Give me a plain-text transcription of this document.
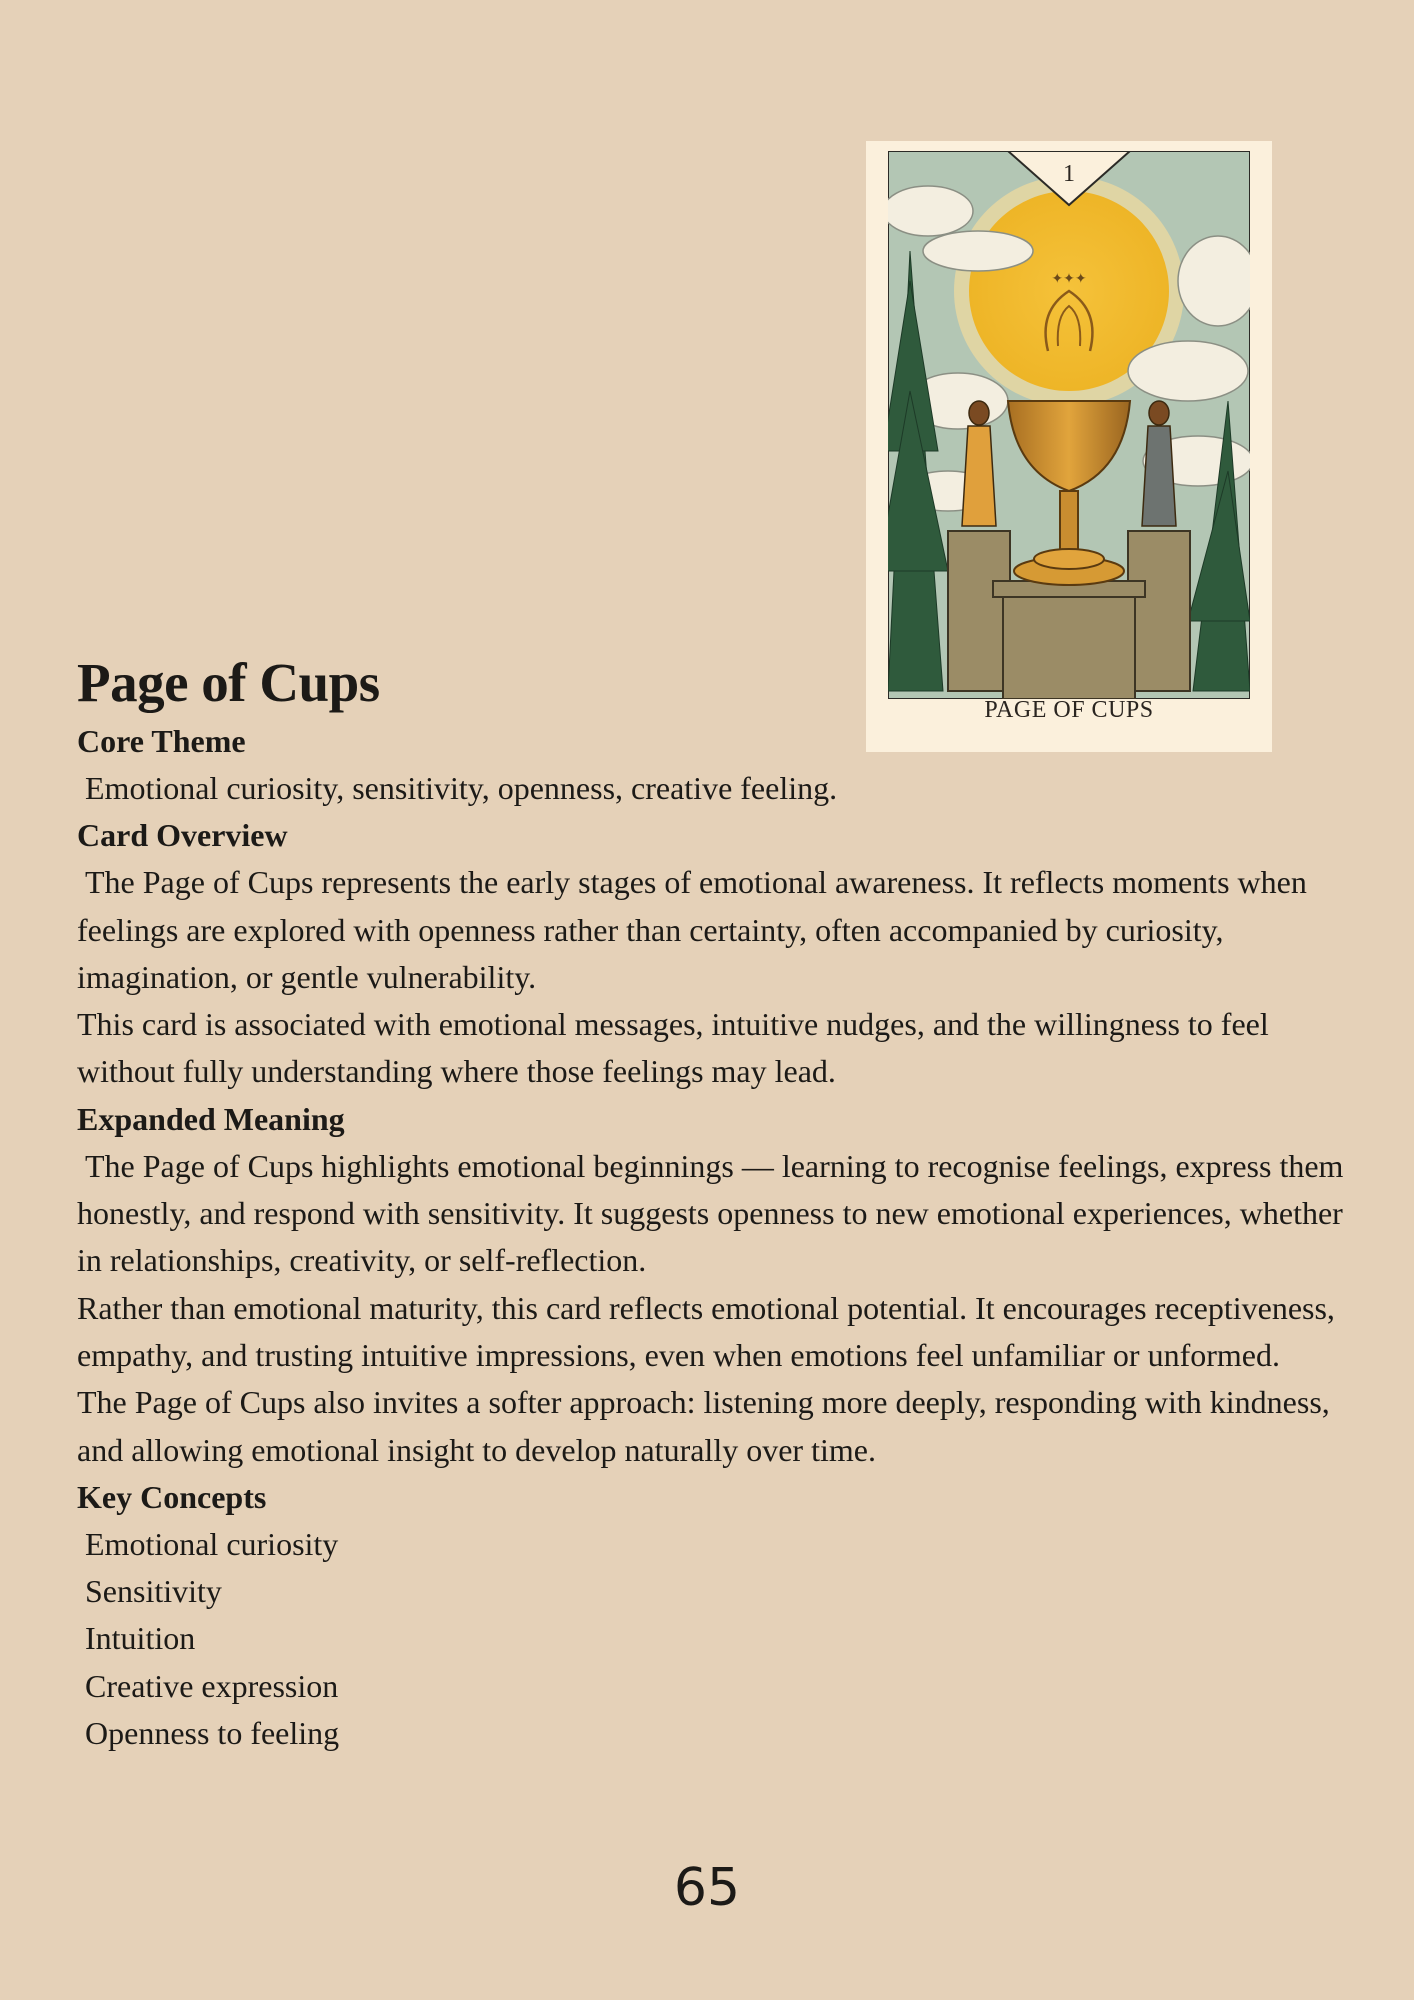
1
✦✦✦
PAGE OF CUPS
Page of Cups
Core Theme

Emotional curiosity, sensitivity, openness, creative feeling.

Card Overview

The Page of Cups represents the early stages of emotional awareness. It reflects moments when feelings are explored with openness rather than certainty, often accompanied by curiosity, imagination, or gentle vulnerability.

This card is associated with emotional messages, intuitive nudges, and the willingness to feel without fully understanding where those feelings may lead.

Expanded Meaning

The Page of Cups highlights emotional beginnings — learning to recognise feelings, express them honestly, and respond with sensitivity. It suggests openness to new emotional experiences, whether in relationships, creativity, or self-reflection.

Rather than emotional maturity, this card reflects emotional potential. It encourages receptiveness, empathy, and trusting intuitive impressions, even when emotions feel unfamiliar or unformed.

The Page of Cups also invites a softer approach: listening more deeply, responding with kindness, and allowing emotional insight to develop naturally over time.

Key Concepts
Emotional curiosity
Sensitivity
Intuition
Creative expression
Openness to feeling
65
